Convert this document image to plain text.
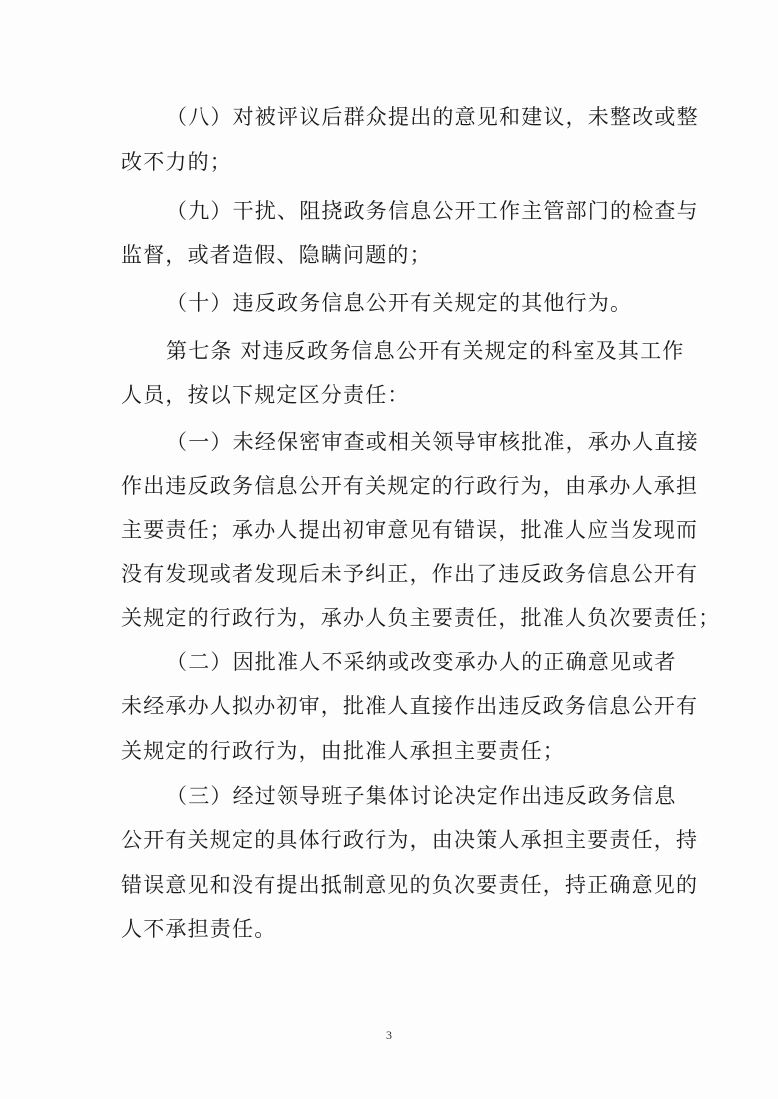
（八）对被评议后群众提出的意见和建议，未整改或整
改不力的；
（九）干扰、阻挠政务信息公开工作主管部门的检查与
监督，或者造假、隐瞒问题的；
（十）违反政务信息公开有关规定的其他行为。
第七条 对违反政务信息公开有关规定的科室及其工作
人员，按以下规定区分责任：
（一）未经保密审查或相关领导审核批准，承办人直接
作出违反政务信息公开有关规定的行政行为，由承办人承担
主要责任；承办人提出初审意见有错误，批准人应当发现而
没有发现或者发现后未予纠正，作出了违反政务信息公开有
关规定的行政行为，承办人负主要责任，批准人负次要责任；
（二）因批准人不采纳或改变承办人的正确意见或者
未经承办人拟办初审，批准人直接作出违反政务信息公开有
关规定的行政行为，由批准人承担主要责任；
（三）经过领导班子集体讨论决定作出违反政务信息
公开有关规定的具体行政行为，由决策人承担主要责任，持
错误意见和没有提出抵制意见的负次要责任，持正确意见的
人不承担责任。
3
